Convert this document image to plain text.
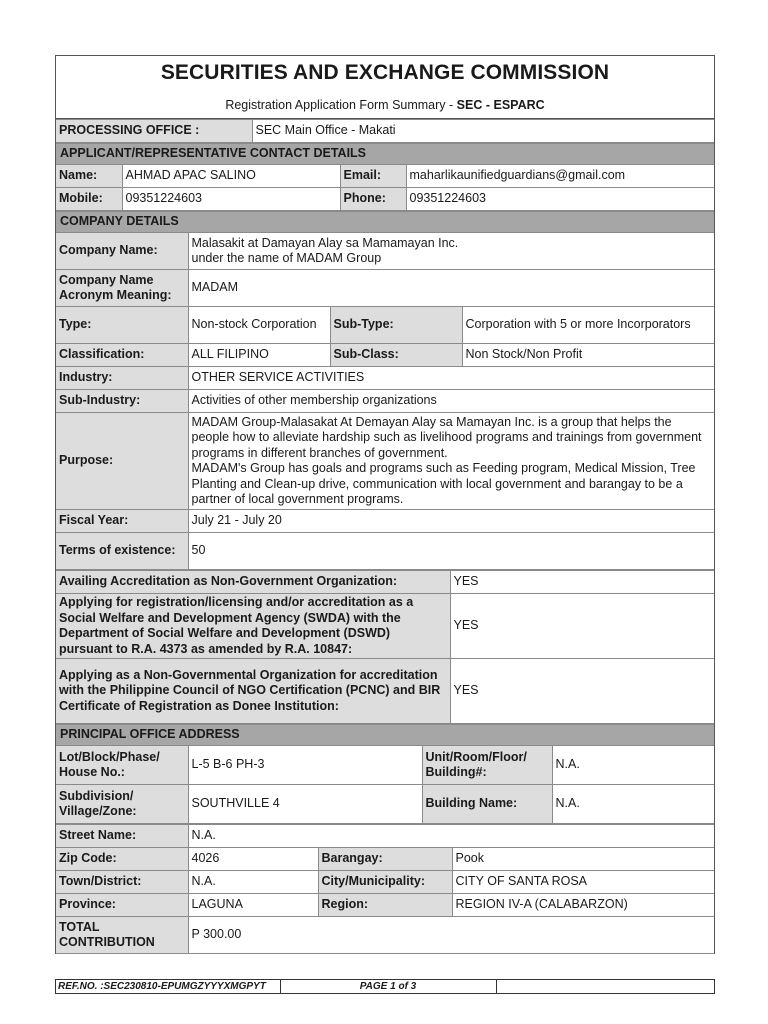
SECURITIES AND EXCHANGE COMMISSION
Registration Application Form Summary - SEC - ESPARC
PROCESSING OFFICE :	SEC Main Office - Makati
APPLICANT/REPRESENTATIVE CONTACT DETAILS			
Name:	AHMAD APAC SALINO	Email:	maharlikaunifiedguardians@gmail.com
Mobile:	09351224603	Phone:	09351224603
COMPANY DETAILS			
Company Name:	Malasakit at Damayan Alay sa Mamamayan Inc.
under the name of MADAM Group		

Company Name Acronym Meaning:	MADAM		
Type:	Non-stock Corporation	Sub-Type:	Corporation with 5 or more Incorporators
Classification:	ALL FILIPINO	Sub-Class:	Non Stock/Non Profit
Industry:	OTHER SERVICE ACTIVITIES		
Sub-Industry:	Activities of other membership organizations		
Purpose:	MADAM Group-Malasakat At Demayan Alay sa Mamayan Inc. is a group that helps the people how to alleviate hardship such as livelihood programs and trainings from government programs in different branches of government.
MADAM's Group has goals and programs such as Feeding program, Medical Mission, Tree Planting and Clean-up drive, communication with local government and barangay to be a partner of local government programs.		

Fiscal Year:	July 21 - July 20		
Terms of existence:	50		
Availing Accreditation as Non-Government Organization:	YES
Applying for registration/licensing and/or accreditation as a Social Welfare and Development Agency (SWDA) with the Department of Social Welfare and Development (DSWD) pursuant to R.A. 4373 as amended by R.A. 10847:	YES
Applying as a Non-Governmental Organization for accreditation with the Philippine Council of NGO Certification (PCNC) and BIR Certificate of Registration as Donee Institution:	YES
PRINCIPAL OFFICE ADDRESS			
Lot/Block/Phase/ House No.:	L-5 B-6 PH-3	Unit/Room/Floor/ Building#:	N.A.
Subdivision/ Village/Zone:	SOUTHVILLE 4	Building Name:	N.A.
Street Name:	N.A.		
Zip Code:	4026	Barangay:	Pook
Town/District:	N.A.	City/Municipality:	CITY OF SANTA ROSA
Province:	LAGUNA	Region:	REGION IV-A (CALABARZON)
TOTAL CONTRIBUTION	P 300.00		
REF.NO. :SEC230810-EPUMGZYYYXMGPYT	PAGE 1 of 3
